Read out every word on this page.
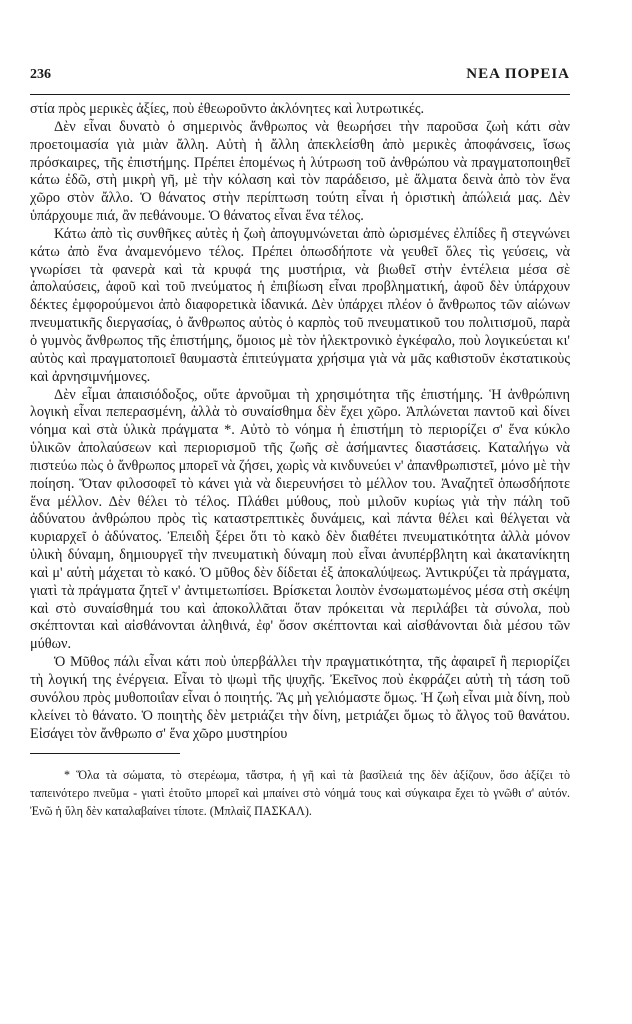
236	ΝΕΑ ΠΟΡΕΙΑ

στία πρὸς μερικὲς ἀξίες, ποὺ ἐθεωροῦντο ἀκλόνητες καὶ λυτρωτικές.

Δὲν εἶναι δυνατὸ ὁ σημερινὸς ἄνθρωπος νὰ θεωρήσει τὴν παροῦσα ζωὴ κάτι σὰν προετοιμασία γιὰ μιὰν ἄλλη. Αὐτὴ ἡ ἄλλη ἀπεκλείσθη ἀπὸ μερικὲς ἀποφάνσεις, ἴσως πρόσκαιρες, τῆς ἐπιστήμης. Πρέπει ἑπομένως ἡ λύτρωση τοῦ ἀνθρώπου νὰ πραγματοποιηθεῖ κάτω ἐδῶ, στὴ μικρὴ γῆ, μὲ τὴν κόλαση καὶ τὸν παράδεισο, μὲ ἅλματα δεινὰ ἀπὸ τὸν ἕνα χῶρο στὸν ἄλλο. Ὁ θάνατος στὴν περίπτωση τούτη εἶναι ἡ ὁριστικὴ ἀπώλειά μας. Δὲν ὑπάρχουμε πιά, ἂν πεθάνουμε. Ὁ θάνατος εἶναι ἕνα τέλος.

Κάτω ἀπὸ τὶς συνθῆκες αὐτὲς ἡ ζωὴ ἀπογυμνώνεται ἀπὸ ὡρισμένες ἐλπίδες ἢ στεγνώνει κάτω ἀπὸ ἕνα ἀναμενόμενο τέλος. Πρέπει ὁπωσδήποτε νὰ γευθεῖ ὅλες τὶς γεύσεις, νὰ γνωρίσει τὰ φανερὰ καὶ τὰ κρυφά της μυστήρια, νὰ βιωθεῖ στὴν ἐντέλεια μέσα σὲ ἀπολαύσεις, ἀφοῦ καὶ τοῦ πνεύματος ἡ ἐπιβίωση εἶναι προβληματική, ἀφοῦ δὲν ὑπάρχουν δέκτες ἐμφορούμενοι ἀπὸ διαφορετικὰ ἰδανικά. Δὲν ὑπάρχει πλέον ὁ ἄνθρωπος τῶν αἰώνων πνευματικῆς διεργασίας, ὁ ἄνθρωπος αὐτὸς ὁ καρπὸς τοῦ πνευματικοῦ του πολιτισμοῦ, παρὰ ὁ γυμνὸς ἄνθρωπος τῆς ἐπιστήμης, ὅμοιος μὲ τὸν ἠλεκτρονικὸ ἐγκέφαλο, ποὺ λογικεύεται κι' αὐτὸς καὶ πραγματοποιεῖ θαυμαστὰ ἐπιτεύγματα χρήσιμα γιὰ νὰ μᾶς καθιστοῦν ἐκστατικοὺς καὶ ἀρνησιμνήμονες.

Δὲν εἶμαι ἀπαισιόδοξος, οὔτε ἀρνοῦμαι τὴ χρησιμότητα τῆς ἐπιστήμης. Ἡ ἀνθρώπινη λογικὴ εἶναι πεπερασμένη, ἀλλὰ τὸ συναίσθημα δὲν ἔχει χῶρο. Ἁπλώνεται παντοῦ καὶ δίνει νόημα καὶ στὰ ὑλικὰ πράγματα *. Αὐτὸ τὸ νόημα ἡ ἐπιστήμη τὸ περιορίζει σ' ἕνα κύκλο ὑλικῶν ἀπολαύσεων καὶ περιορισμοῦ τῆς ζωῆς σὲ ἀσήμαντες διαστάσεις. Καταλήγω νὰ πιστεύω πὼς ὁ ἄνθρωπος μπορεῖ νὰ ζήσει, χωρὶς νὰ κινδυνεύει ν' ἀπανθρωπιστεῖ, μόνο μὲ τὴν ποίηση. Ὅταν φιλοσοφεῖ τὸ κάνει γιὰ νὰ διερευνήσει τὸ μέλλον του. Ἀναζητεῖ ὁπωσδήποτε ἕνα μέλλον. Δὲν θέλει τὸ τέλος. Πλάθει μύθους, ποὺ μιλοῦν κυρίως γιὰ τὴν πάλη τοῦ ἀδύνατου ἀνθρώπου πρὸς τὶς καταστρεπτικὲς δυνάμεις, καὶ πάντα θέλει καὶ θέλγεται νὰ κυριαρχεῖ ὁ ἀδύνατος. Ἐπειδὴ ξέρει ὅτι τὸ κακὸ δὲν διαθέτει πνευματικότητα ἀλλὰ μόνον ὑλικὴ δύναμη, δημιουργεῖ τὴν πνευματικὴ δύναμη ποὺ εἶναι ἀνυπέρβλητη καὶ ἀκατανίκητη καὶ μ' αὐτὴ μάχεται τὸ κακό. Ὁ μῦθος δὲν δίδεται ἐξ ἀποκαλύψεως. Ἀντικρύζει τὰ πράγματα, γιατὶ τὰ πράγματα ζητεῖ ν' ἀντιμετωπίσει. Βρίσκεται λοιπὸν ἐνσωματωμένος μέσα στὴ σκέψη καὶ στὸ συναίσθημά του καὶ ἀποκολλᾶται ὅταν πρόκειται νὰ περιλάβει τὰ σύνολα, ποὺ σκέπτονται καὶ αἰσθάνονται ἀληθινά, ἐφ' ὅσον σκέπτονται καὶ αἰσθάνονται διὰ μέσου τῶν μύθων.

Ὁ Μῦθος πάλι εἶναι κάτι ποὺ ὑπερβάλλει τὴν πραγματικότητα, τῆς ἀφαιρεῖ ἢ περιορίζει τὴ λογική της ἐνέργεια. Εἶναι τὸ ψωμὶ τῆς ψυχῆς. Ἐκεῖνος ποὺ ἐκφράζει αὐτὴ τὴ τάση τοῦ συνόλου πρὸς μυθοποιΐαν εἶναι ὁ ποιητής. Ἂς μὴ γελιόμαστε ὅμως. Ἡ ζωὴ εἶναι μιὰ δίνη, ποὺ κλείνει τὸ θάνατο. Ὁ ποιητὴς δὲν μετριάζει τὴν δίνη, μετριάζει ὅμως τὸ ἄλγος τοῦ θανάτου. Εἰσάγει τὸν ἄνθρωπο σ' ἕνα χῶρο μυστηρίου

* Ὅλα τὰ σώματα, τὸ στερέωμα, τἄστρα, ἡ γῆ καὶ τὰ βασίλειά της δὲν ἀξίζουν, ὅσο ἀξίζει τὸ ταπεινότερο πνεῦμα - γιατὶ ἐτοῦτο μπορεῖ καὶ μπαίνει στὸ νόημά τους καὶ σύγκαιρα ἔχει τὸ γνῶθι σ' αὐτόν. Ἐνῶ ἡ ὕλη δὲν καταλαβαίνει τίποτε. (Μπλαὶζ ΠΑΣΚΑΛ).
